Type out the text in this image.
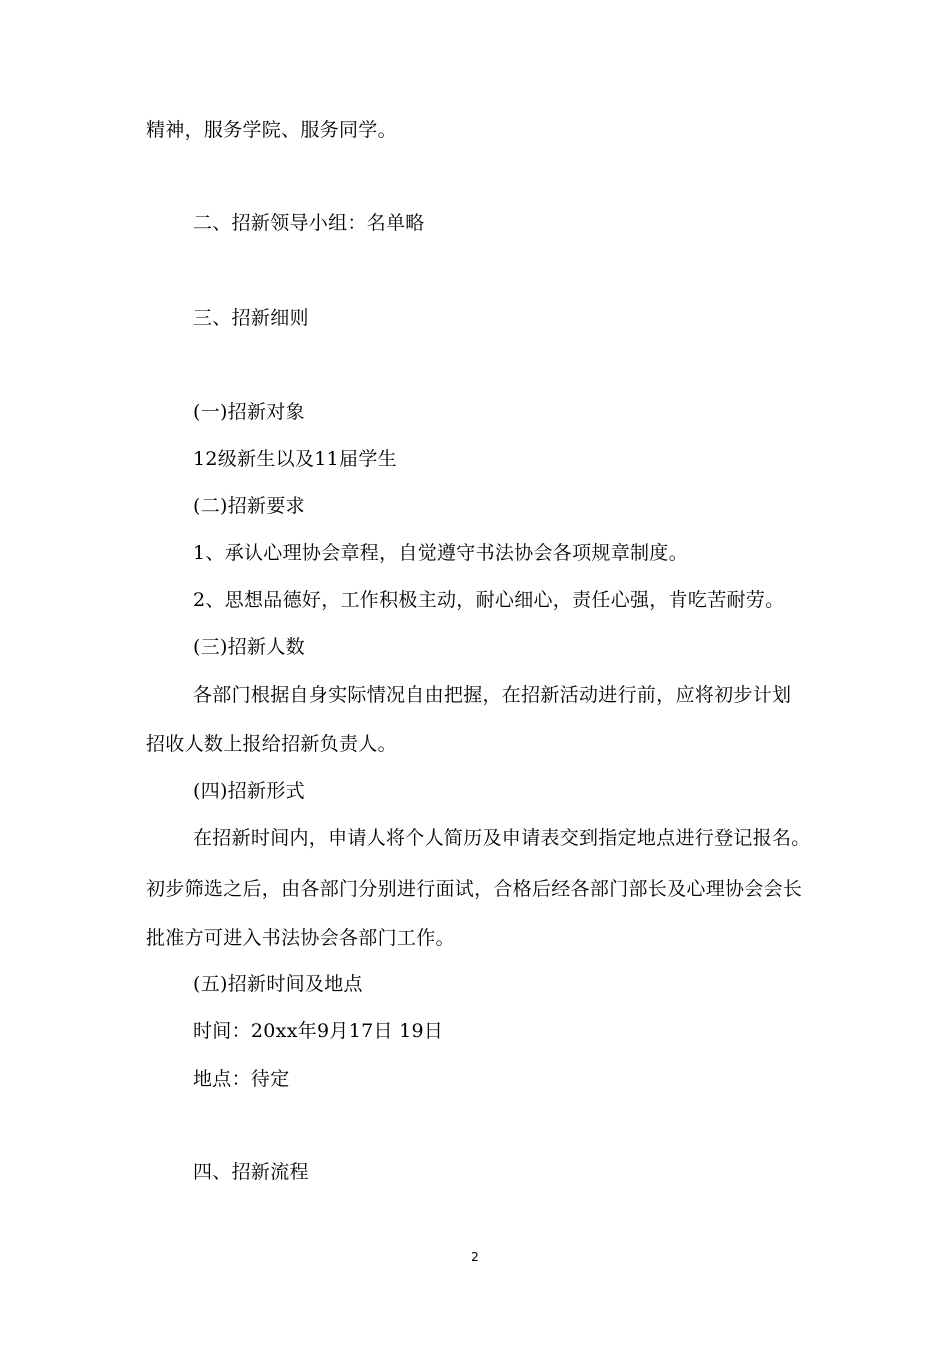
精神，服务学院、服务同学。
二、招新领导小组：名单略
三、招新细则
(一)招新对象
12级新生以及11届学生
(二)招新要求
1、承认心理协会章程，自觉遵守书法协会各项规章制度。
2、思想品德好，工作积极主动，耐心细心，责任心强，肯吃苦耐劳。
(三)招新人数
各部门根据自身实际情况自由把握，在招新活动进行前，应将初步计划
招收人数上报给招新负责人。
(四)招新形式
在招新时间内，申请人将个人简历及申请表交到指定地点进行登记报名。
初步筛选之后，由各部门分别进行面试，合格后经各部门部长及心理协会会长
批准方可进入书法协会各部门工作。
(五)招新时间及地点
时间：20xx年9月17日 19日
地点：待定
四、招新流程
2
